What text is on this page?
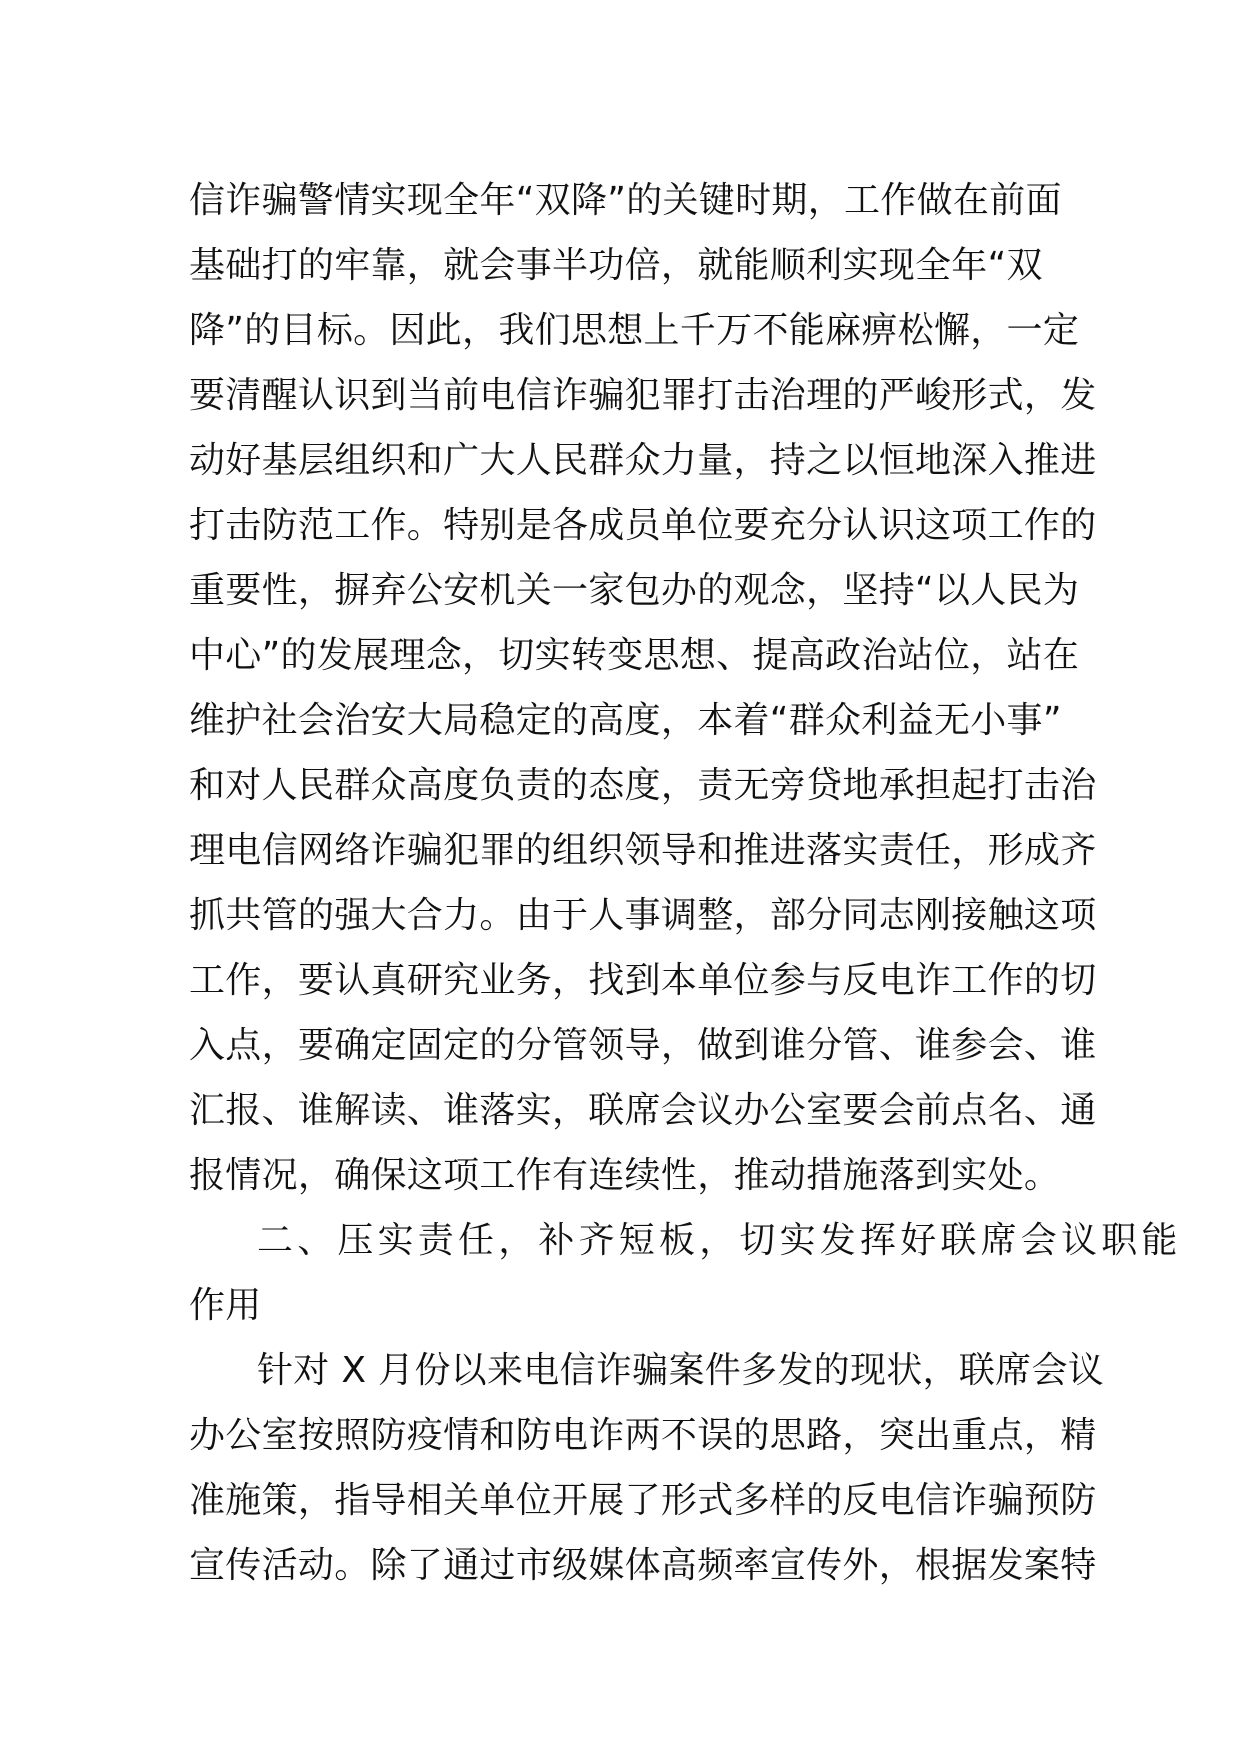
信诈骗警情实现全年“双降”的关键时期，工作做在前面
基础打的牢靠，就会事半功倍，就能顺利实现全年“双
降”的目标。因此，我们思想上千万不能麻痹松懈，一定
要清醒认识到当前电信诈骗犯罪打击治理的严峻形式，发
动好基层组织和广大人民群众力量，持之以恒地深入推进
打击防范工作。特别是各成员单位要充分认识这项工作的
重要性，摒弃公安机关一家包办的观念，坚持“以人民为
中心”的发展理念，切实转变思想、提高政治站位，站在
维护社会治安大局稳定的高度，本着“群众利益无小事”
和对人民群众高度负责的态度，责无旁贷地承担起打击治
理电信网络诈骗犯罪的组织领导和推进落实责任，形成齐
抓共管的强大合力。由于人事调整，部分同志刚接触这项
工作，要认真研究业务，找到本单位参与反电诈工作的切
入点，要确定固定的分管领导，做到谁分管、谁参会、谁
汇报、谁解读、谁落实，联席会议办公室要会前点名、通
报情况，确保这项工作有连续性，推动措施落到实处。
二、压实责任，补齐短板，切实发挥好联席会议职能
作用
针对 X 月份以来电信诈骗案件多发的现状，联席会议
办公室按照防疫情和防电诈两不误的思路，突出重点，精
准施策，指导相关单位开展了形式多样的反电信诈骗预防
宣传活动。除了通过市级媒体高频率宣传外，根据发案特
